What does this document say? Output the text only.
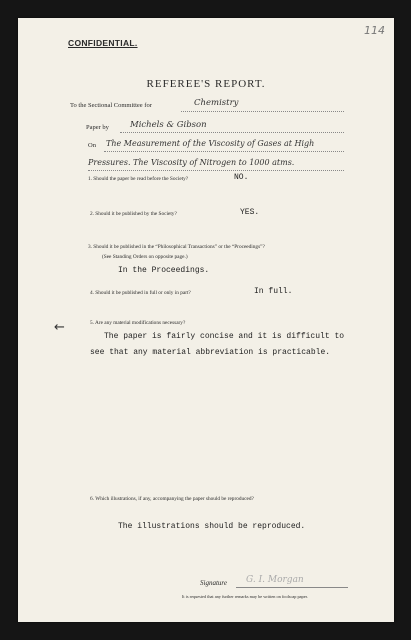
CONFIDENTIAL.
114
REFEREE'S REPORT.
To the Sectional Committee for	Chemistry
Paper by Michels & Gibson
On The Measurement of the Viscosity of Gases at High
Pressures. The Viscosity of Nitrogen to 1000 atms.
1. Should the paper be read before the Society?	NO.
2. Should it be published by the Society?	YES.
3. Should it be published in the “Philosophical Transactions” or the “Proceedings”?
(See Standing Orders on opposite page.)
In the Proceedings.
4. Should it be published in full or only in part?	In full.
←	5. Are any material modifications necessary?
The paper is fairly concise and it is difficult to
see that any material abbreviation is practicable.
6. Which illustrations, if any, accompanying the paper should be reproduced?
The illustrations should be reproduced.
Signature G. I. Morgan
It is requested that any further remarks may be written on foolscap paper.
